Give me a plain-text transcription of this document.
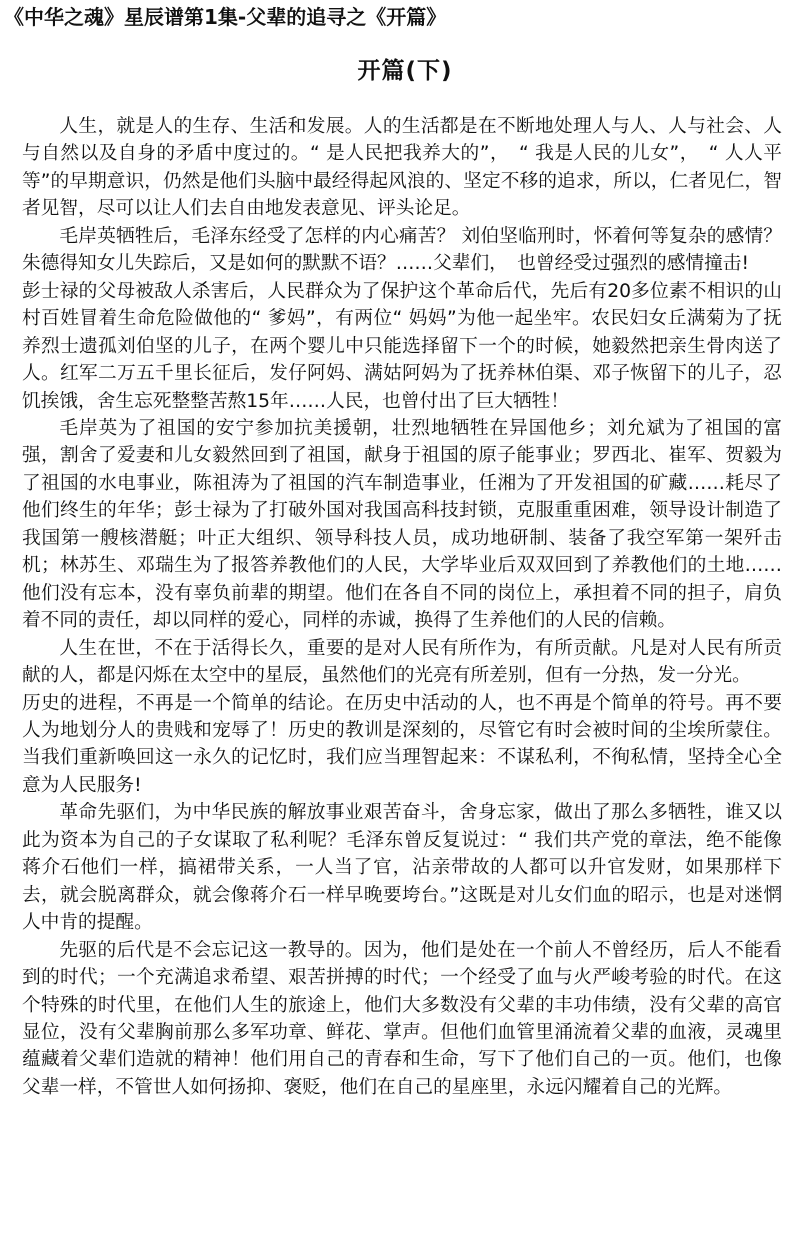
《中华之魂》星辰谱第1集-父辈的追寻之《开篇》
开篇(下)

人生，就是人的生存、生活和发展。人的生活都是在不断地处理人与人、人与社会、人与自然以及自身的矛盾中度过的。“ 是人民把我养大的”，　“ 我是人民的儿女”，　“ 人人平等”的早期意识，仍然是他们头脑中最经得起风浪的、坚定不移的追求，所以，仁者见仁，智者见智，尽可以让人们去自由地发表意见、评头论足。

毛岸英牺牲后，毛泽东经受了怎样的内心痛苦？ 刘伯坚临刑时，怀着何等复杂的感情？ 朱德得知女儿失踪后，又是如何的默默不语？……父辈们，　也曾经受过强烈的感情撞击!

彭士禄的父母被敌人杀害后，人民群众为了保护这个革命后代，先后有20多位素不相识的山村百姓冒着生命危险做他的“ 爹妈”，有两位“ 妈妈”为他一起坐牢。农民妇女丘满菊为了抚养烈士遗孤刘伯坚的儿子，在两个婴儿中只能选择留下一个的时候，她毅然把亲生骨肉送了人。红军二万五千里长征后，发仔阿妈、满姑阿妈为了抚养林伯渠、邓子恢留下的儿子，忍饥挨饿，舍生忘死整整苦熬15年……人民，也曾付出了巨大牺牲！

毛岸英为了祖国的安宁参加抗美援朝，壮烈地牺牲在异国他乡；刘允斌为了祖国的富强，割舍了爱妻和儿女毅然回到了祖国，献身于祖国的原子能事业；罗西北、崔军、贺毅为了祖国的水电事业，陈祖涛为了祖国的汽车制造事业，任湘为了开发祖国的矿藏……耗尽了他们终生的年华；彭士禄为了打破外国对我国高科技封锁，克服重重困难，领导设计制造了我国第一艘核潜艇；叶正大组织、领导科技人员，成功地研制、装备了我空军第一架歼击机；林苏生、邓瑞生为了报答养教他们的人民，大学毕业后双双回到了养教他们的土地……他们没有忘本，没有辜负前辈的期望。他们在各自不同的岗位上，承担着不同的担子，肩负着不同的责任，却以同样的爱心，同样的赤诚，换得了生养他们的人民的信赖。

人生在世，不在于活得长久，重要的是对人民有所作为，有所贡献。凡是对人民有所贡献的人，都是闪烁在太空中的星辰，虽然他们的光亮有所差别，但有一分热，发一分光。

历史的进程，不再是一个简单的结论。在历史中活动的人，也不再是个简单的符号。再不要人为地划分人的贵贱和宠辱了！历史的教训是深刻的，尽管它有时会被时间的尘埃所蒙住。当我们重新唤回这一永久的记忆时，我们应当理智起来：不谋私利，不徇私情，坚持全心全意为人民服务!

革命先驱们，为中华民族的解放事业艰苦奋斗，舍身忘家，做出了那么多牺牲，谁又以此为资本为自己的子女谋取了私利呢？毛泽东曾反复说过：“ 我们共产党的章法，绝不能像蒋介石他们一样，搞裙带关系，一人当了官，沾亲带故的人都可以升官发财，如果那样下去，就会脱离群众，就会像蒋介石一样早晚要垮台。”这既是对儿女们血的昭示，也是对迷惘人中肯的提醒。

先驱的后代是不会忘记这一教导的。因为，他们是处在一个前人不曾经历，后人不能看到的时代；一个充满追求希望、艰苦拼搏的时代；一个经受了血与火严峻考验的时代。在这个特殊的时代里，在他们人生的旅途上，他们大多数没有父辈的丰功伟绩，没有父辈的高官显位，没有父辈胸前那么多军功章、鲜花、掌声。但他们血管里涌流着父辈的血液，灵魂里蕴藏着父辈们造就的精神！他们用自己的青春和生命，写下了他们自己的一页。他们，也像父辈一样，不管世人如何扬抑、褒贬，他们在自己的星座里，永远闪耀着自己的光辉。
